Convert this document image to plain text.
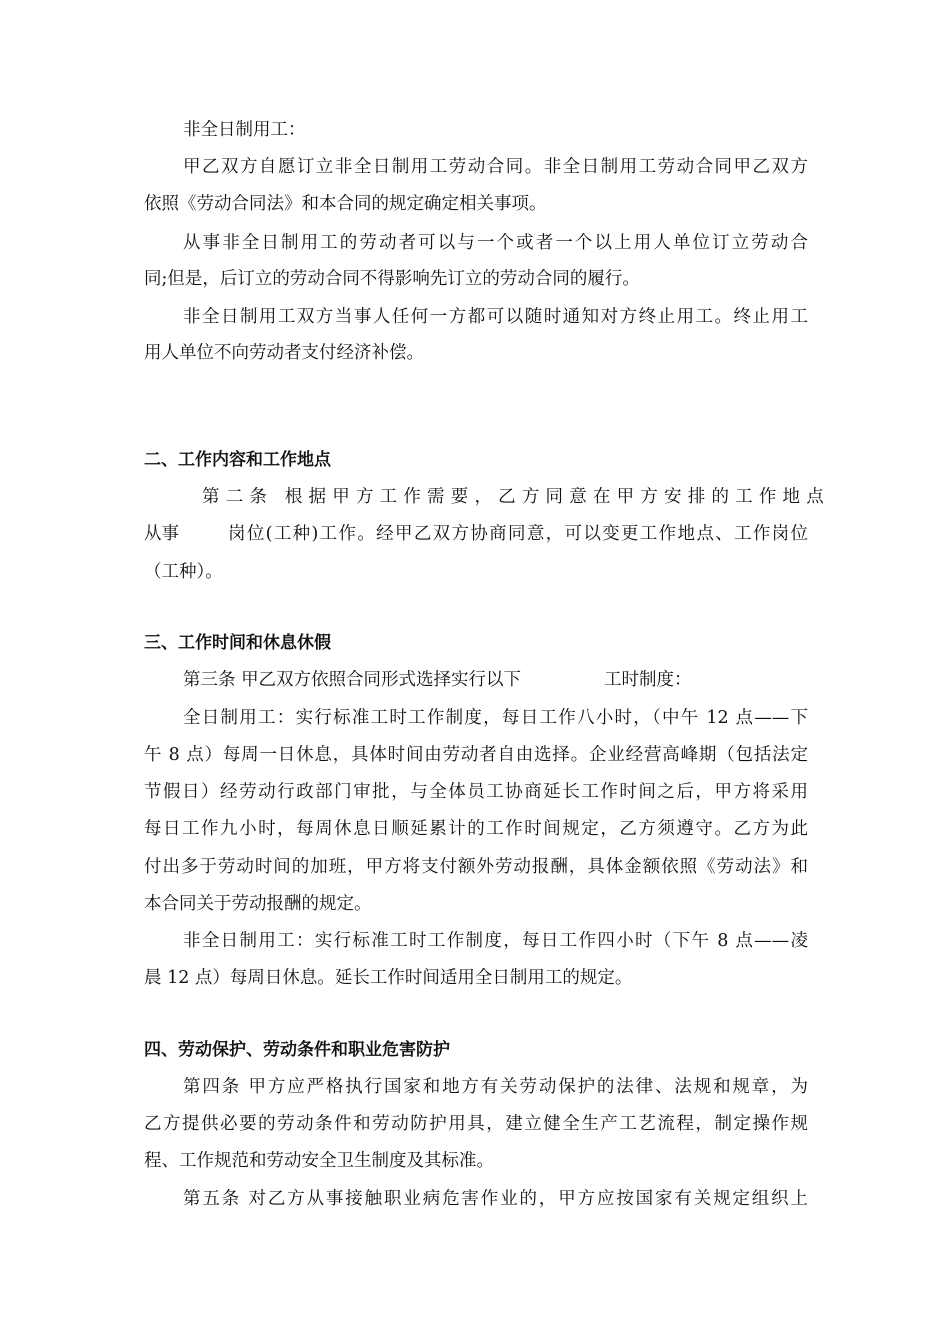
非全日制用工：
甲乙双方自愿订立非全日制用工劳动合同。非全日制用工劳动合同甲乙双方
依照《劳动合同法》和本合同的规定确定相关事项。
从事非全日制用工的劳动者可以与一个或者一个以上用人单位订立劳动合
同;但是，后订立的劳动合同不得影响先订立的劳动合同的履行。
非全日制用工双方当事人任何一方都可以随时通知对方终止用工。终止用工
用人单位不向劳动者支付经济补偿。
二、工作内容和工作地点
第二条 根据甲方工作需要，乙方同意在甲方安排的工作地点
从事	岗位(工种)工作。经甲乙双方协商同意，可以变更工作地点、工作岗位
（工种）。
三、工作时间和休息休假
第三条 甲乙双方依照合同形式选择实行以下	工时制度：
全日制用工：实行标准工时工作制度，每日工作八小时，（中午 12 点——下
午 8 点）每周一日休息，具体时间由劳动者自由选择。企业经营高峰期（包括法定
节假日）经劳动行政部门审批，与全体员工协商延长工作时间之后，甲方将采用
每日工作九小时，每周休息日顺延累计的工作时间规定，乙方须遵守。乙方为此
付出多于劳动时间的加班，甲方将支付额外劳动报酬，具体金额依照《劳动法》和
本合同关于劳动报酬的规定。
非全日制用工：实行标准工时工作制度，每日工作四小时（下午 8 点——凌
晨 12 点）每周日休息。延长工作时间适用全日制用工的规定。
四、劳动保护、劳动条件和职业危害防护
第四条 甲方应严格执行国家和地方有关劳动保护的法律、法规和规章，为
乙方提供必要的劳动条件和劳动防护用具，建立健全生产工艺流程，制定操作规
程、工作规范和劳动安全卫生制度及其标准。
第五条 对乙方从事接触职业病危害作业的，甲方应按国家有关规定组织上
